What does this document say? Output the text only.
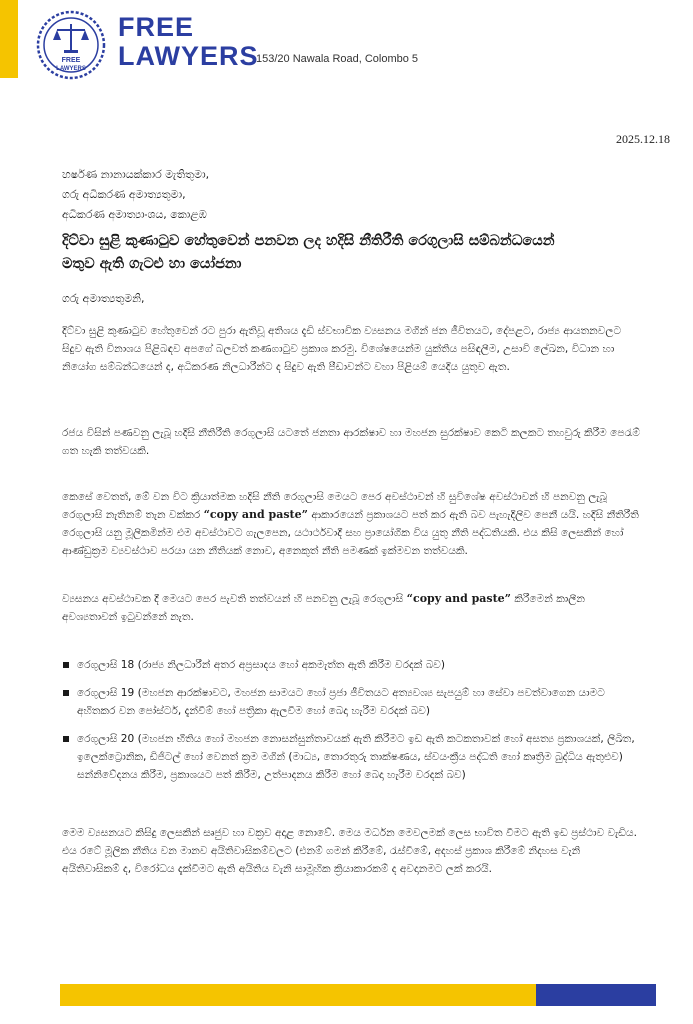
FREE
LAWYERS
FREE
LAWYERS
153/20 Nawala Road, Colombo 5
2025.12.18
හර්ෂණ නානායක්කාර මැතිතුමා,
ගරු අධිකරණ අමාත්‍යතුමා,
අධිකරණ අමාත්‍යාංශය, කොළඹ
දිට්වා සුළි කුණාටුව හේතුවෙන් පනවන ලද හදිසි නීතිරීති රෙගුලාසි සම්බන්ධයෙන්
මතුව ඇති ගැටළු හා යෝජනා
ගරු අමාත්‍යතුමනි,
දිට්වා සුළි කුණාටුව හේතුවෙන් රට පුරා ඇතිවූ අතිශය දැඩි ස්වභාවික ව්‍යසනය මගින් ජන ජීවිතයට, දේපළට, රාජ්‍ය ආයතනවලට සිදුව ඇති විනාශය පිළිබඳව අපගේ බලවත් කණගාටුව ප්‍රකාශ කරමු. විශේෂයෙන්ම යුක්තිය පසිඳලීම, උසාවි ලේඛන, විධාන හා නියෝග සම්බන්ධයෙන් ද, අධිකරණ නිලධාරීන්ට ද සිදුව ඇති පීඩාවන්ට වහා පිළියම් යෙදිය යුතුව ඇත.
රජය විසින් පණවනු ලැබූ හදිසි නීතිරීති රෙගුලාසි යටතේ ජනතා ආරක්ෂාව හා මහජන සුරක්ෂාව කෙටි කලකට තහවුරු කිරීම පෙරැම් ගත හැකි තත්වයකි.
කෙසේ වෙතත්, මේ වන විට ක්‍රියාත්මක හදිසි නීති රෙගුලාසි මෙයට පෙර අවස්ථාවන් හි සුවිශේෂ අවස්ථාවන් හි පනවනු ලැබූ රෙගුලාසි නැතිනම් තැන වක්කර “copy and paste” ආකාරයෙන් ප්‍රකාශයට පත් කර ඇති බව පැහැදිලිව පෙනී යයි. හදිසි නීතිරීති රෙගුලාසි යනු මූලිකමින්ම එම අවස්ථාවට ගැලපෙන, යථාර්ථවාදී සහ ප්‍රායෝගික විය යුතු නීති පද්ධතියකි. එය කිසි ලෙසකින් හෝ ආණ්ඩුක්‍රම ව්‍යවස්ථාව පරයා යන නීතියක් නොව, අනෙකුත් නීති පමණක් ඉක්මවන තත්වයකි.
ව්‍යසනය අවස්ථාවක දී මෙයට පෙර පැවති තත්වයන් හි පනවනු ලැබූ රෙගුලාසි “copy and paste” කිරීමෙන් කාලීන අවශ්‍යතාවන් ඉටුවන්නේ නැත.
රෙගුලාසි 18 (රාජ්‍ය නිලධාරීන් අතර අප්‍රසාදය හෝ අකමැත්ත ඇති කිරීම වරදක් බව)
රෙගුලාසි 19 (මහජන ආරක්ෂාවට, මහජන සාමයට හෝ ප්‍රජා ජීවිතයට අත්‍යවශ්‍ය සැපයුම් හා සේවා පවත්වාගෙන යාමට අහිතකර වන පෝස්ටර්, දැන්වීම් හෝ පත්‍රිකා ඇලවීම හෝ බෙදා හැරීම වරදක් බව)
රෙගුලාසි 20 (මහජන භීතිය හෝ මහජන නොසන්සුන්තාවයක් ඇති කිරීමට ඉඩ ඇති කටකතාවක් හෝ අසත්‍ය ප්‍රකාශයක්, ලිඛිත, ඉලෙක්ට්‍රොනික, ඩිජිටල් හෝ වෙනත් ක්‍රම මගින් (මාධ්‍ය, තොරතුරු තාක්ෂණය, ස්වයංක්‍රීය පද්ධති හෝ කෘත්‍රිම බුද්ධිය ඇතුළුව) සන්නිවේදනය කිරීම, ප්‍රකාශයට පත් කිරීම, උත්පාදනය කිරීම හෝ බෙදා හැරීම වරදක් බව)
මෙම ව්‍යසනයට කිසිදු ලෙසකින් සෘජුව හා වක්‍රව අදාළ නොවේ. මෙය මර්ධන මෙවලමක් ලෙස භාවිත වීමට ඇති ඉඩ ප්‍රස්ථාව වැඩිය. එය රටේ මූලික නීතිය වන මානව අයිතිවාසිකම්වලට (එනම් ගමන් කිරීමේ, රැස්වීමේ, අදහස් ප්‍රකාශ කිරීමේ නිදහස වැනි අයිතිවාසිකම් ද, විරෝධය දැක්වීමට ඇති අයිතිය වැනි සාමූහික ක්‍රියාකාරකම් ද අවදානමට ලක් කරයි.
